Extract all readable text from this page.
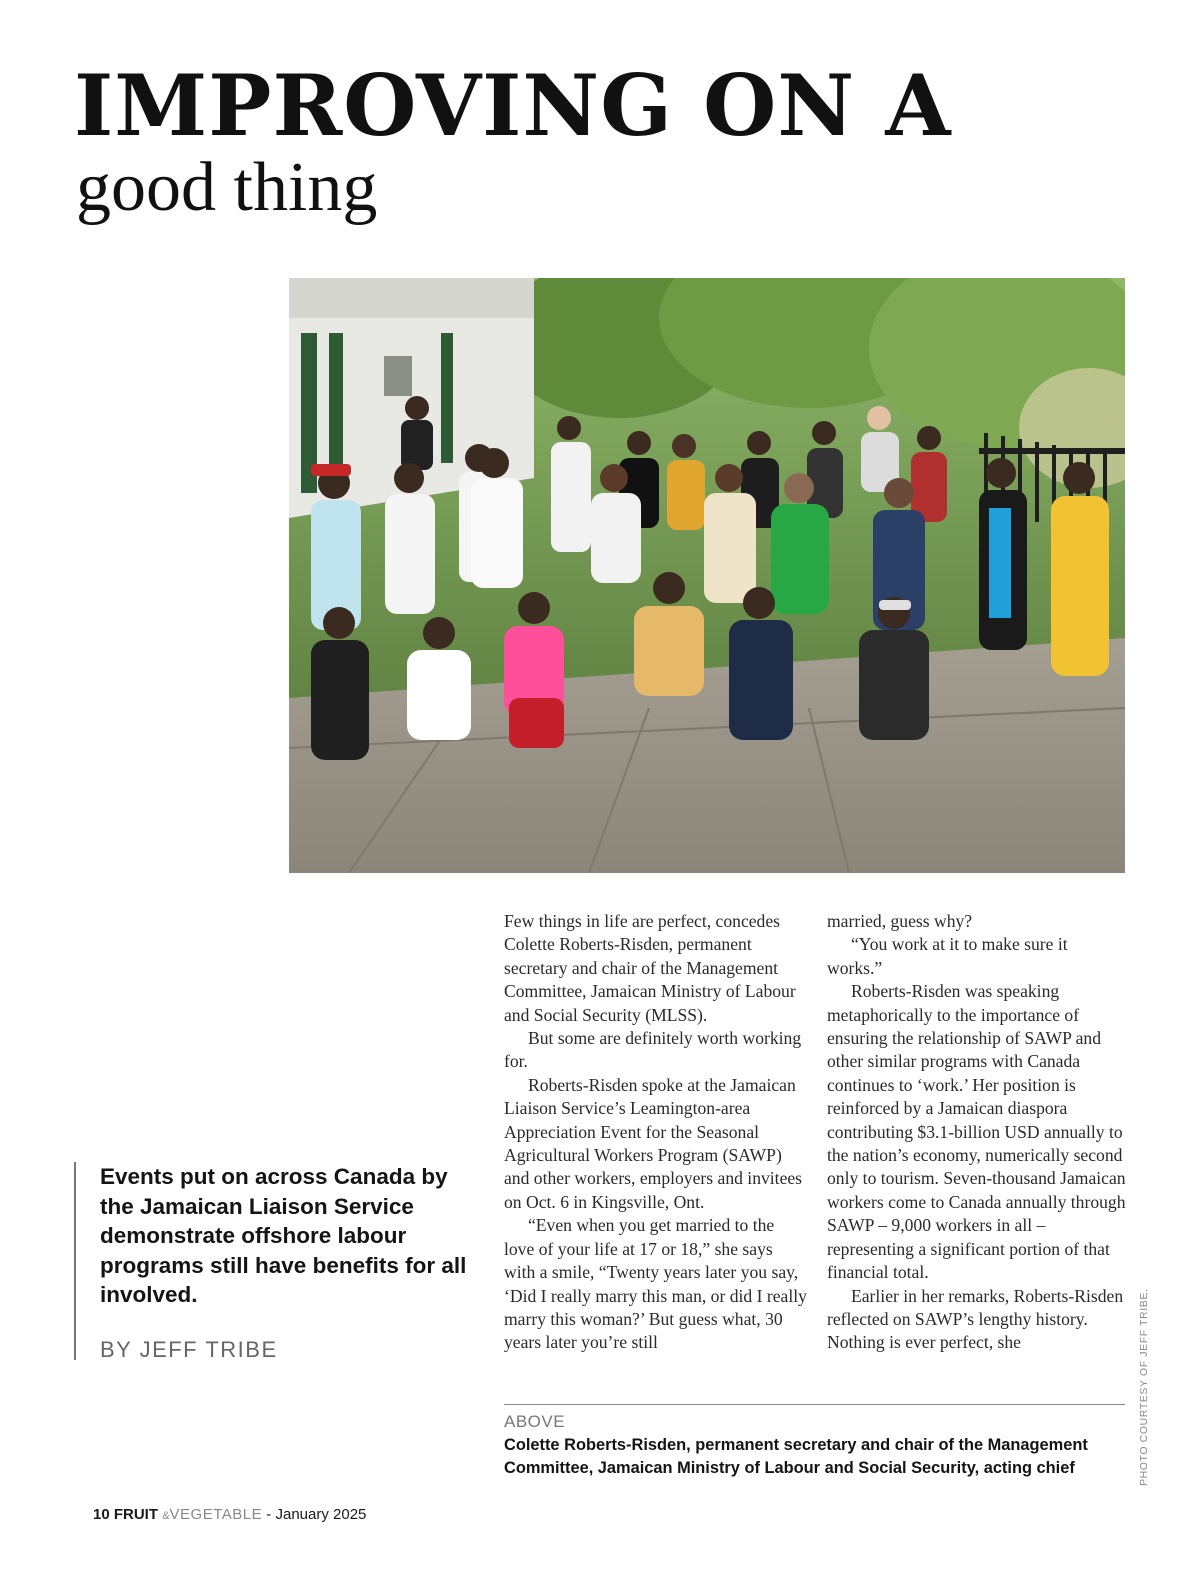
IMPROVING ON A
good thing
PHOTO COURTESY OF JEFF TRIBE.

Events put on across Canada by the Jamaican Liaison Service demonstrate offshore labour programs still have benefits for all involved.

BY JEFF TRIBE

Few things in life are perfect, concedes Colette Roberts-Risden, permanent secretary and chair of the Management Committee, Jamaican Ministry of Labour and Social Security (MLSS).

But some are definitely worth working for.

Roberts-Risden spoke at the Jamaican Liaison Service’s Leamington-area Appreciation Event for the Seasonal Agricultural Workers Program (SAWP) and other workers, employers and invitees on Oct. 6 in Kingsville, Ont.

“Even when you get married to the love of your life at 17 or 18,” she says with a smile, “Twenty years later you say, ‘Did I really marry this man, or did I really marry this woman?’ But guess what, 30 years later you’re still

married, guess why?

“You work at it to make sure it works.”

Roberts-Risden was speaking metaphorically to the importance of ensuring the relationship of SAWP and other similar programs with Canada continues to ‘work.’ Her position is reinforced by a Jamaican diaspora contributing $3.1-billion USD annually to the nation’s economy, numerically second only to tourism. Seven-thousand Jamaican workers come to Canada annually through SAWP – 9,000 workers in all – representing a significant portion of that financial total.

Earlier in her remarks, Roberts-Risden reflected on SAWP’s lengthy history. Nothing is ever perfect, she

ABOVE

Colette Roberts-Risden, permanent secretary and chair of the Management Committee, Jamaican Ministry of Labour and Social Security, acting chief

10 FRUIT &VEGETABLE - January 2025
